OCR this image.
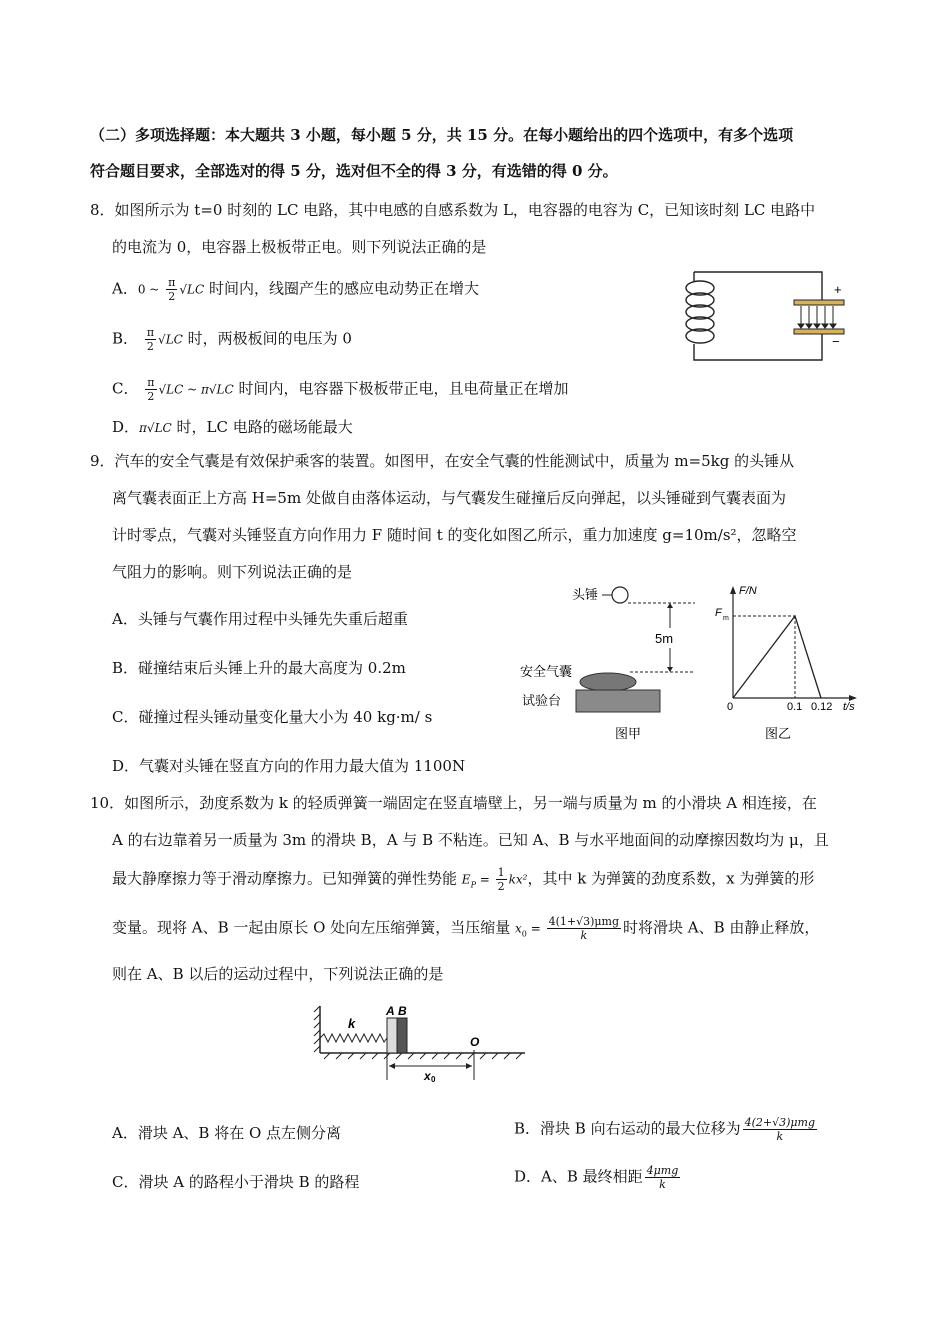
（二）多项选择题：本大题共 3 小题，每小题 5 分，共 15 分。在每小题给出的四个选项中，有多个选项
符合题目要求，全部选对的得 5 分，选对但不全的得 3 分，有选错的得 0 分。
8．如图所示为 t=0 时刻的 LC 电路，其中电感的自感系数为 L，电容器的电容为 C，已知该时刻 LC 电路中
的电流为 0，电容器上极板带正电。则下列说法正确的是
A．0 ~ $\frac{\pi}{2} √LC$ 时间内，线圈产生的感应电动势正在增大
B． $\frac{\pi}{2} √LC$ 时，两极板间的电压为 0
C． $\frac{\pi}{2} √LC$ ~ π√LC 时间内，电容器下极板带正电，且电荷量正在增加
D．π√LC 时，LC 电路的磁场能最大
+
−
9．汽车的安全气囊是有效保护乘客的装置。如图甲，在安全气囊的性能测试中，质量为 m=5kg 的头锤从
离气囊表面正上方高 H=5m 处做自由落体运动，与气囊发生碰撞后反向弹起，以头锤碰到气囊表面为
计时零点，气囊对头锤竖直方向作用力 F 随时间 t 的变化如图乙所示，重力加速度 g=10m/s²，忽略空
气阻力的影响。则下列说法正确的是
A．头锤与气囊作用过程中头锤先失重后超重
B．碰撞结束后头锤上升的最大高度为 0.2m
C．碰撞过程头锤动量变化量大小为 40 kg·m/ s
D．气囊对头锤在竖直方向的作用力最大值为 1100N
头锤
5m
安全气囊
试验台
图甲
F/N
F m
0	0.1 0.12 t/s
图乙
10．如图所示，劲度系数为 k 的轻质弹簧一端固定在竖直墙壁上，另一端与质量为 m 的小滑块 A 相连接，在
A 的右边靠着另一质量为 3m 的滑块 B，A 与 B 不粘连。已知 A、B 与水平地面间的动摩擦因数均为 μ，且
最大静摩擦力等于滑动摩擦力。已知弹簧的弹性势能 $E_P = \frac{1}{2} kx^2$，其中 k 为弹簧的劲度系数，x 为弹簧的形
变量。现将 A、B 一起由原长 O 处向左压缩弹簧，当压缩量 $x_0 = \frac{\text{4(1+√3)μmg}}{k}$ 时将滑块 A、B 由静止释放，
则在 A、B 以后的运动过程中，下列说法正确的是
k
A B
O
x 0
A．滑块 A、B 将在 O 点左侧分离	B．滑块 B 向右运动的最大位移为 $\frac{\text{4(2+√3)μmg}}{k}$
C．滑块 A 的路程小于滑块 B 的路程	D．A、B 最终相距 $\frac{\text{4μmg}}{k}$
